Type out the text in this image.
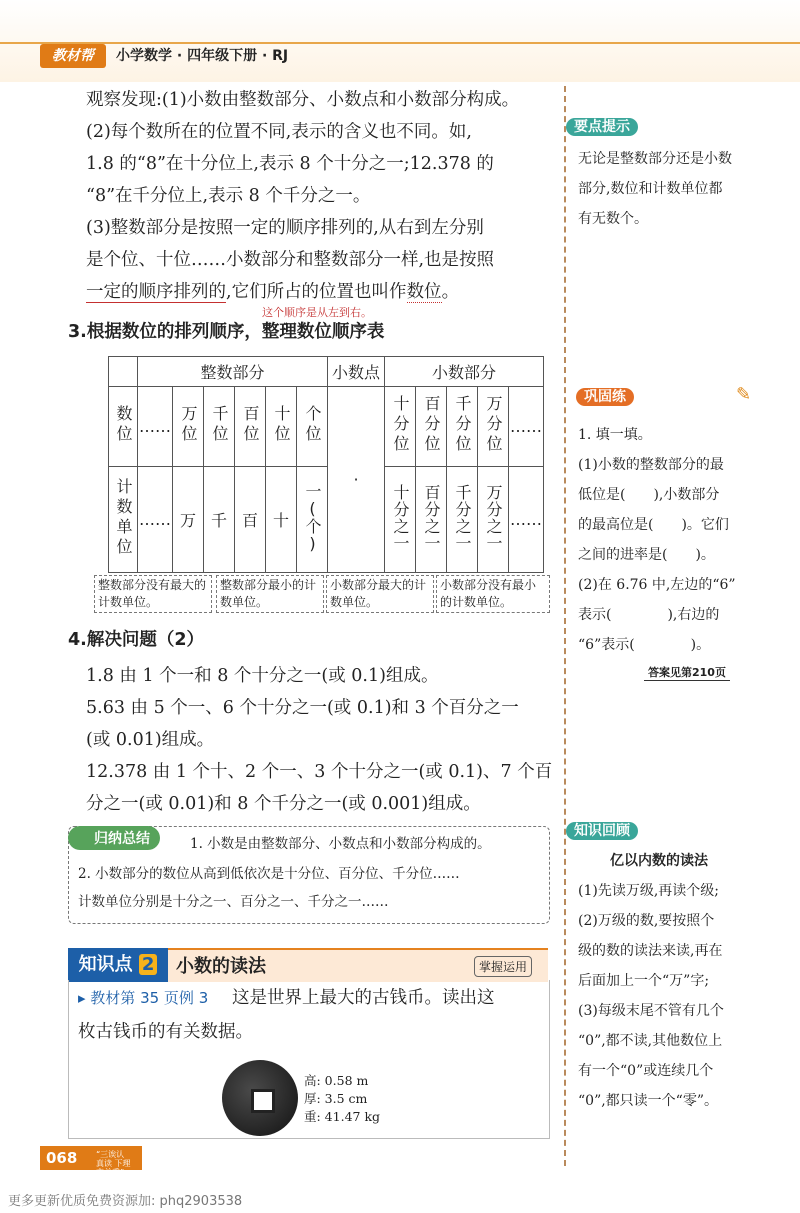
教材帮	小学数学 · 四年级下册 · RJ
观察发现:(1)小数由整数部分、小数点和小数部分构成。
(2)每个数所在的位置不同,表示的含义也不同。如,
1.8 的“8”在十分位上,表示 8 个十分之一;12.378 的
“8”在千分位上,表示 8 个千分之一。
(3)整数部分是按照一定的顺序排列的,从右到左分别
是个位、十位……小数部分和整数部分一样,也是按照
一定的顺序排列的,它们所占的位置也叫作数位。
这个顺序是从左到右。
3.根据数位的排列顺序，整理数位顺序表
	整数部分						小数点	小数部分				
数位	……	万位	千位	百位	十位	个位	·	十分位	百分位	千分位	万分位	……
计数单位	……	万	千	百	十	一(个)		十分之一	百分之一	千分之一	万分之一	……
整数部分没有最大的计数单位。
整数部分最小的计数单位。
小数部分最大的计数单位。
小数部分没有最小的计数单位。
4.解决问题（2）
1.8 由 1 个一和 8 个十分之一(或 0.1)组成。
5.63 由 5 个一、6 个十分之一(或 0.1)和 3 个百分之一
(或 0.01)组成。
12.378 由 1 个十、2 个一、3 个十分之一(或 0.1)、7 个百
分之一(或 0.01)和 8 个千分之一(或 0.001)组成。
归纳总结	1. 小数是由整数部分、小数点和小数部分构成的。
2. 小数部分的数位从高到低依次是十分位、百分位、千分位……
计数单位分别是十分之一、百分之一、千分之一……
知识点 2	小数的读法	掌握运用
▸ 教材第 35 页例 3 这是世界上最大的古钱币。读出这
枚古钱币的有关数据。
高: 0.58 m
厚: 3.5 cm
重: 41.47 kg
要点提示
无论是整数部分还是小数
部分,数位和计数单位都
有无数个。
巩固练	✎
1. 填一填。
(1)小数的整数部分的最
低位是(　　),小数部分
的最高位是(　　)。它们
之间的进率是(　　)。
(2)在 6.76 中,左边的“6”
表示(　　　　),右边的
“6”表示(　　　　)。
答案见第210页
知识回顾
亿以内数的读法
(1)先读万级,再读个级;
(2)万级的数,要按照个
级的数的读法来读,再在
后面加上一个“万”字;
(3)每级末尾不管有几个
“0”,都不读,其他数位上
有一个“0”或连续几个
“0”,都只读一个“零”。
068	“三诶认真读 下理变关重”
更多更新优质免费资源加: phq2903538
